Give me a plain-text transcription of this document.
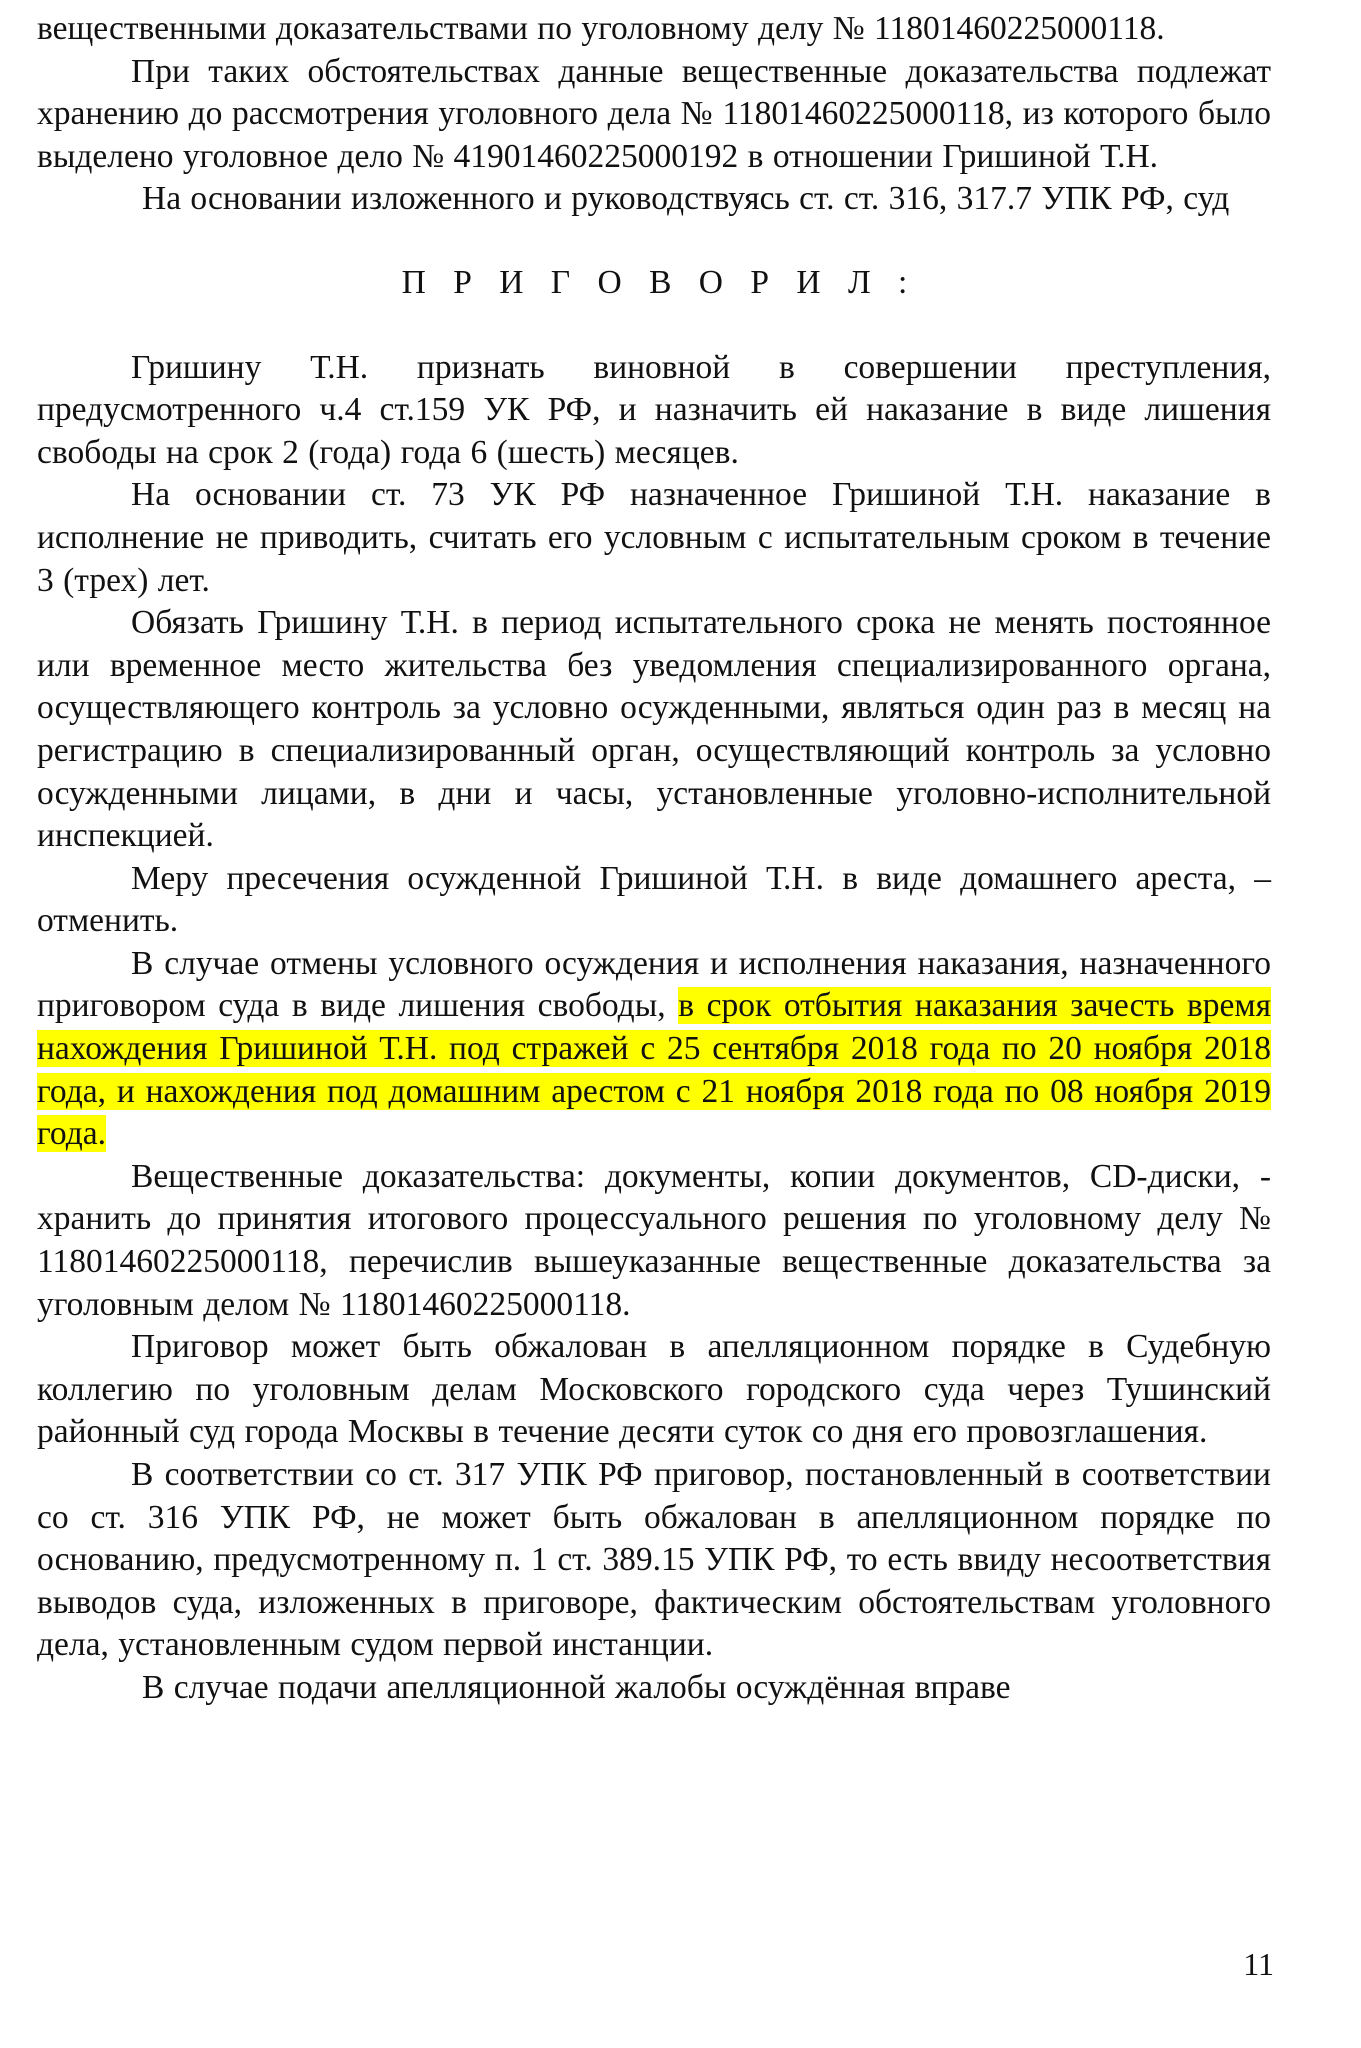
вещественными доказательствами по уголовному делу № 11801460225000118.

При таких обстоятельствах данные вещественные доказательства подлежат хранению до рассмотрения уголовного дела № 11801460225000118, из которого было выделено уголовное дело № 41901460225000192 в отношении Гришиной Т.Н.

На основании изложенного и руководствуясь ст. ст. 316, 317.7 УПК РФ, суд

П Р И Г О В О Р И Л :

Гришину Т.Н. признать виновной в совершении преступления, предусмотренного ч.4 ст.159 УК РФ, и назначить ей наказание в виде лишения свободы на срок 2 (года) года 6 (шесть) месяцев.

На основании ст. 73 УК РФ назначенное Гришиной Т.Н. наказание в исполнение не приводить, считать его условным с испытательным сроком в течение 3 (трех) лет.

Обязать Гришину Т.Н. в период испытательного срока не менять постоянное или временное место жительства без уведомления специализированного органа, осуществляющего контроль за условно осужденными, являться один раз в месяц на регистрацию в специализированный орган, осуществляющий контроль за условно осужденными лицами, в дни и часы, установленные уголовно-исполнительной инспекцией.

Меру пресечения осужденной Гришиной Т.Н. в виде домашнего ареста, – отменить.

В случае отмены условного осуждения и исполнения наказания, назначенного приговором суда в виде лишения свободы, в срок отбытия наказания зачесть время нахождения Гришиной Т.Н. под стражей с 25 сентября 2018 года по 20 ноября 2018 года, и нахождения под домашним арестом с 21 ноября 2018 года по 08 ноября 2019 года.

Вещественные доказательства: документы, копии документов, CD-диски, - хранить до принятия итогового процессуального решения по уголовному делу № 11801460225000118, перечислив вышеуказанные вещественные доказательства за уголовным делом № 11801460225000118.

Приговор может быть обжалован в апелляционном порядке в Судебную коллегию по уголовным делам Московского городского суда через Тушинский районный суд города Москвы в течение десяти суток со дня его провозглашения.

В соответствии со ст. 317 УПК РФ приговор, постановленный в соответствии со ст. 316 УПК РФ, не может быть обжалован в апелляционном порядке по основанию, предусмотренному п. 1 ст. 389.15 УПК РФ, то есть ввиду несоответствия выводов суда, изложенных в приговоре, фактическим обстоятельствам уголовного дела, установленным судом первой инстанции.

В случае подачи апелляционной жалобы осуждённая вправе

11
